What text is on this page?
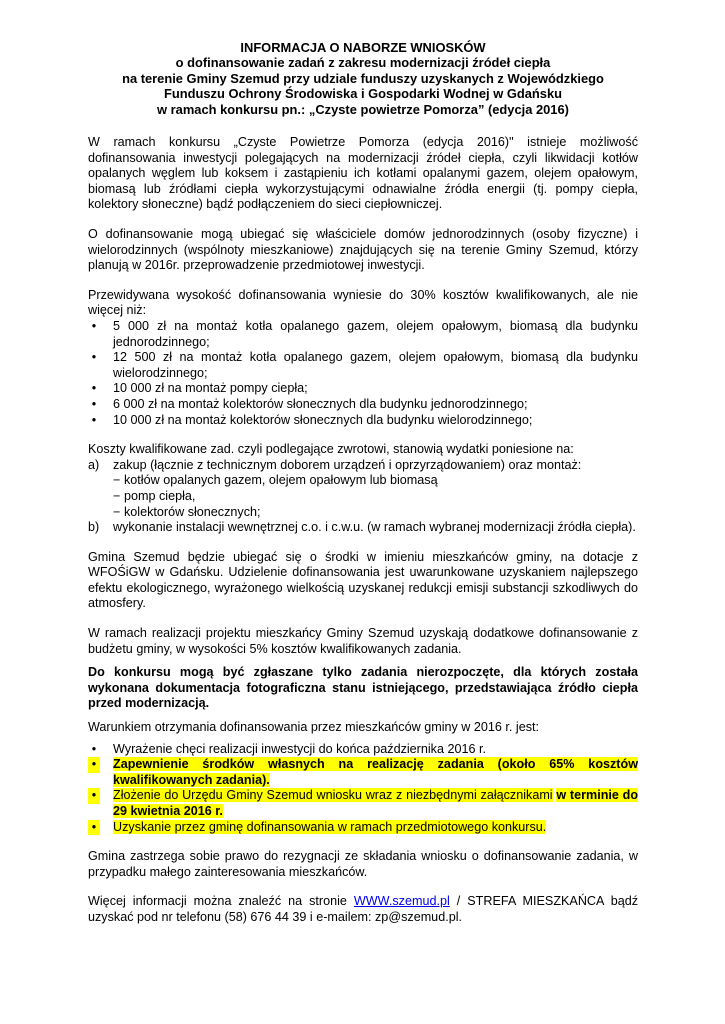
INFORMACJA O NABORZE WNIOSKÓW
o dofinansowanie zadań z zakresu modernizacji źródeł ciepła
na terenie Gminy Szemud przy udziale funduszy uzyskanych z Wojewódzkiego
Funduszu Ochrony Środowiska i Gospodarki Wodnej w Gdańsku
w ramach konkursu pn.: „Czyste powietrze Pomorza” (edycja 2016)

W ramach konkursu „Czyste Powietrze Pomorza (edycja 2016)" istnieje możliwość dofinansowania inwestycji polegających na modernizacji źródeł ciepła, czyli likwidacji kotłów opalanych węglem lub koksem i zastąpieniu ich kotłami opalanymi gazem, olejem opałowym, biomasą lub źródłami ciepła wykorzystującymi odnawialne źródła energii (tj. pompy ciepła, kolektory słoneczne) bądź podłączeniem do sieci ciepłowniczej.

O dofinansowanie mogą ubiegać się właściciele domów jednorodzinnych (osoby fizyczne) i wielorodzinnych (wspólnoty mieszkaniowe) znajdujących się na terenie Gminy Szemud, którzy planują w 2016r. przeprowadzenie przedmiotowej inwestycji.

Przewidywana wysokość dofinansowania wyniesie do 30% kosztów kwalifikowanych, ale nie więcej niż:

•	5 000 zł na montaż kotła opalanego gazem, olejem opałowym, biomasą dla budynku jednorodzinnego;
•	12 500 zł na montaż kotła opalanego gazem, olejem opałowym, biomasą dla budynku wielorodzinnego;
•	10 000 zł na montaż pompy ciepła;
•	6 000 zł na montaż kolektorów słonecznych dla budynku jednorodzinnego;
•	10 000 zł na montaż kolektorów słonecznych dla budynku wielorodzinnego;

Koszty kwalifikowane zad. czyli podlegające zwrotowi, stanowią wydatki poniesione na:

a) zakup (łącznie z technicznym doborem urządzeń i oprzyrządowaniem) oraz montaż:
− kotłów opalanych gazem, olejem opałowym lub biomasą
− pomp ciepła,
− kolektorów słonecznych;
b) wykonanie instalacji wewnętrznej c.o. i c.w.u. (w ramach wybranej modernizacji źródła ciepła).

Gmina Szemud będzie ubiegać się o środki w imieniu mieszkańców gminy, na dotacje z WFOŚiGW w Gdańsku. Udzielenie dofinansowania jest uwarunkowane uzyskaniem najlepszego efektu ekologicznego, wyrażonego wielkością uzyskanej redukcji emisji substancji szkodliwych do atmosfery.

W ramach realizacji projektu mieszkańcy Gminy Szemud uzyskają dodatkowe dofinansowanie z budżetu gminy, w wysokości 5% kosztów kwalifikowanych zadania.

Do konkursu mogą być zgłaszane tylko zadania nierozpoczęte, dla których została wykonana dokumentacja fotograficzna stanu istniejącego, przedstawiająca źródło ciepła przed modernizacją.

Warunkiem otrzymania dofinansowania przez mieszkańców gminy w 2016 r. jest:

•	Wyrażenie chęci realizacji inwestycji do końca października 2016 r.
•	Zapewnienie środków własnych na realizację zadania (około 65% kosztów kwalifikowanych zadania).
•	Złożenie do Urzędu Gminy Szemud wniosku wraz z niezbędnymi załącznikami w terminie do 29 kwietnia 2016 r.
•	Uzyskanie przez gminę dofinansowania w ramach przedmiotowego konkursu.

Gmina zastrzega sobie prawo do rezygnacji ze składania wniosku o dofinansowanie zadania, w przypadku małego zainteresowania mieszkańców.

Więcej informacji można znaleźć na stronie WWW.szemud.pl / STREFA MIESZKAŃCA bądź uzyskać pod nr telefonu (58) 676 44 39 i e-mailem: zp@szemud.pl.
